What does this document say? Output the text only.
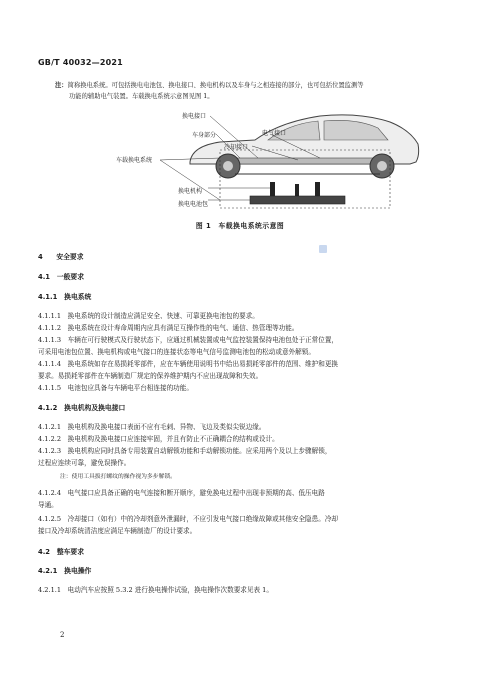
GB/T 40032—2021
注：简称换电系统。可包括换电电池包、换电接口、换电机构以及车身与之相连接的部分，也可包括位置监测等
功能的辅助电气装置。车载换电系统示意图见图 1。
换电接口
车身部分	电气接口
冷却接口
车载换电系统
换电机构
换电电池包
图 1　车载换电系统示意图
4　　 安全要求
4.1　 一般要求
4.1.1　 换电系统
4.1.1.1　 换电系统的设计制造应满足安全、快速、可靠更换电池包的要求。
4.1.1.2　 换电系统在设计寿命周期内应具有满足互操作性的电气、通信、热管理等功能。
4.1.1.3　 车辆在可行驶模式及行驶状态下，应通过机械装置或电气监控装置保持电池包处于正常位置，
可采用电池包位置、换电机构或电气接口的连接状态等电气信号监测电池包的松动或意外解锁。
4.1.1.4　 换电系统如存在易损耗零部件，应在车辆使用说明书中给出易损耗零部件的范围、维护和更换
要求。易损耗零部件在车辆制造厂规定的保养维护期内不应出现故障和失效。
4.1.1.5　 电池包应具备与车辆电平台相连接的功能。
4.1.2　 换电机构及换电接口
4.1.2.1　 换电机构及换电接口表面不应有毛刺、异物、飞边及类似尖锐边缘。
4.1.2.2　 换电机构及换电接口应连接牢固，并且有防止不正确耦合的结构或设计。
4.1.2.3　 换电机构应同时具备专用装置自动解锁功能和手动解锁功能。应采用两个及以上步骤解锁，
过程应连续可靠，避免误操作。
注：使用工具拔打螺纹的操作视为多步解锁。
4.1.2.4　 电气接口应具备正确的电气连接和断开顺序，避免换电过程中出现非预期的高、低压电路
导通。
4.1.2.5　 冷却接口（如有）中的冷却剂意外泄漏时，不应引发电气接口绝缘故障或其他安全隐患。冷却
接口及冷却系统清洁度应满足车辆制造厂的设计要求。
4.2　 整车要求
4.2.1　 换电操作
4.2.1.1　 电动汽车应按照 5.3.2 进行换电操作试验，换电操作次数要求见表 1。
2
